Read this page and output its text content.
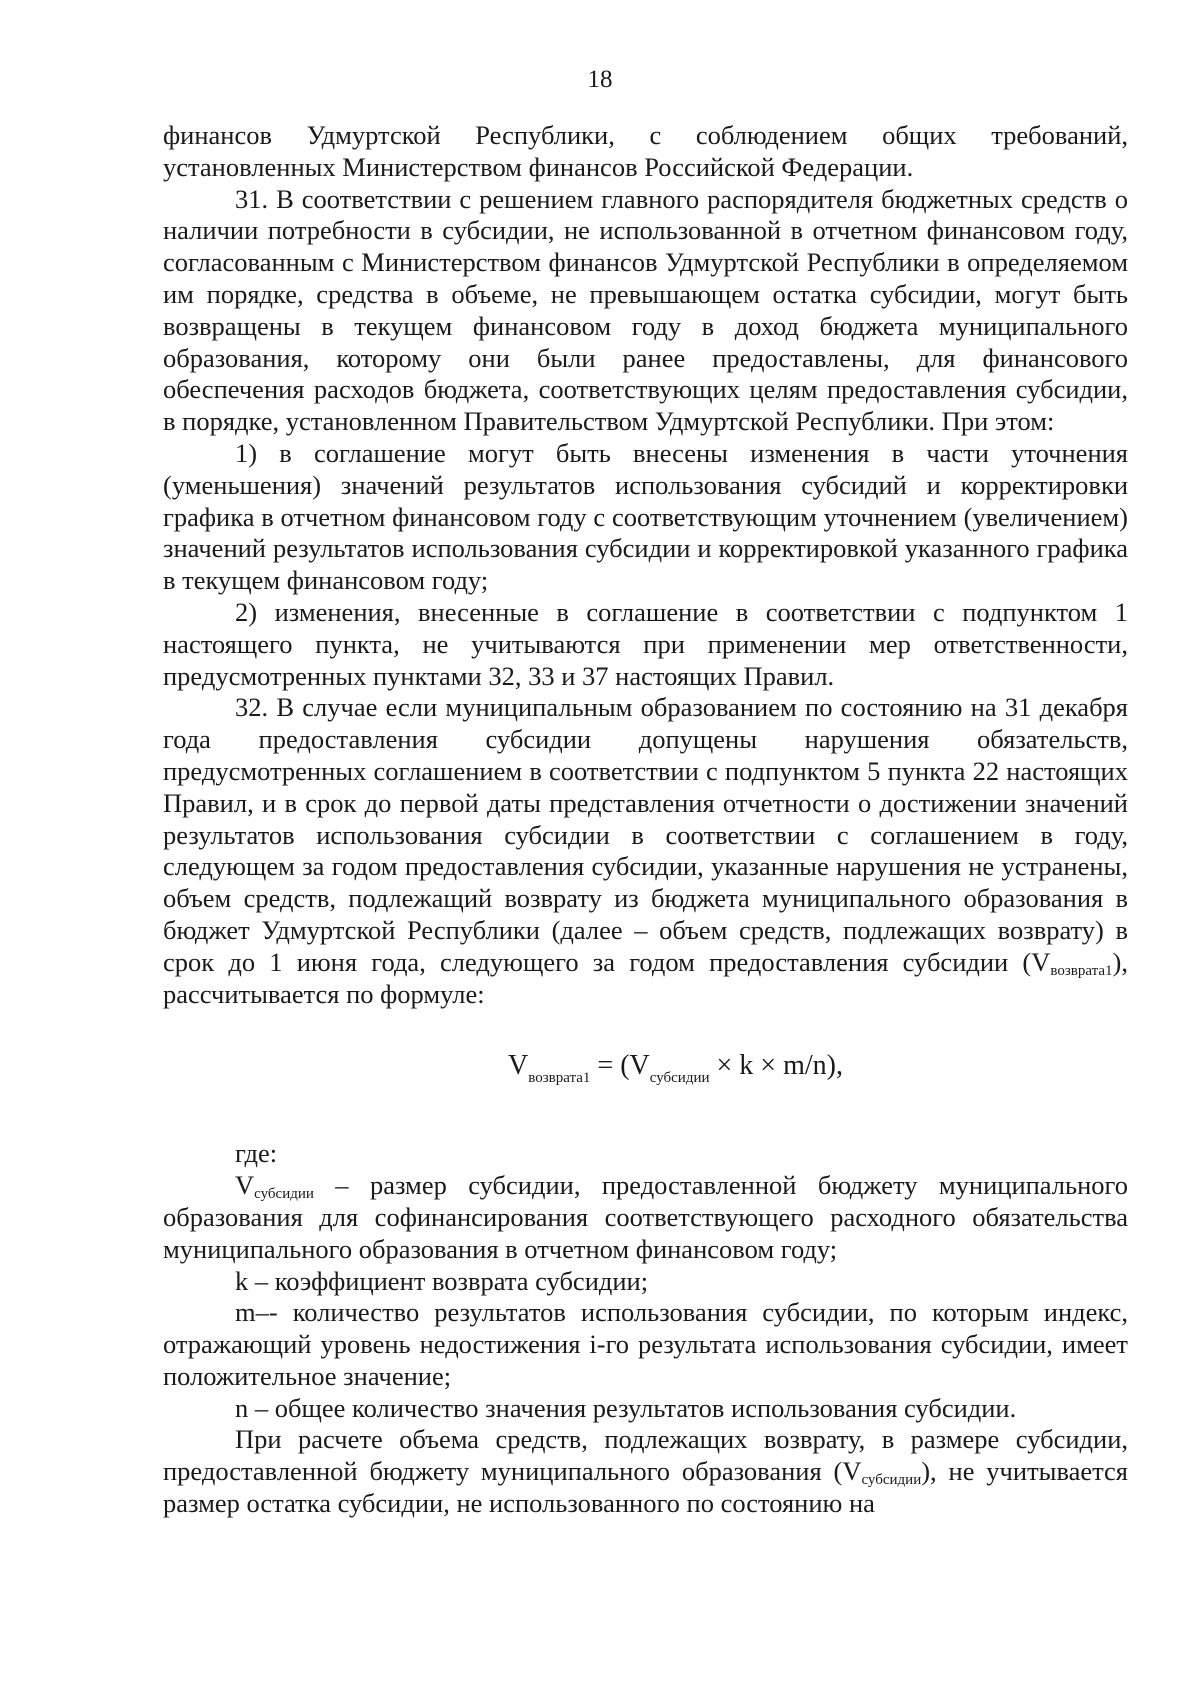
18

финансов Удмуртской Республики, с соблюдением общих требований, установленных Министерством финансов Российской Федерации.

31. В соответствии с решением главного распорядителя бюджетных средств о наличии потребности в субсидии, не использованной в отчетном финансовом году, согласованным с Министерством финансов Удмуртской Республики в определяемом им порядке, средства в объеме, не превышающем остатка субсидии, могут быть возвращены в текущем финансовом году в доход бюджета муниципального образования, которому они были ранее предоставлены, для финансового обеспечения расходов бюджета, соответствующих целям предоставления субсидии, в порядке, установленном Правительством Удмуртской Республики. При этом:

1) в соглашение могут быть внесены изменения в части уточнения (уменьшения) значений результатов использования субсидий и корректировки графика в отчетном финансовом году с соответствующим уточнением (увеличением) значений результатов использования субсидии и корректировкой указанного графика в текущем финансовом году;

2) изменения, внесенные в соглашение в соответствии с подпунктом 1 настоящего пункта, не учитываются при применении мер ответственности, предусмотренных пунктами 32, 33 и 37 настоящих Правил.

32. В случае если муниципальным образованием по состоянию на 31 декабря года предоставления субсидии допущены нарушения обязательств, предусмотренных соглашением в соответствии с подпунктом 5 пункта 22 настоящих Правил, и в срок до первой даты представления отчетности о достижении значений результатов использования субсидии в соответствии с соглашением в году, следующем за годом предоставления субсидии, указанные нарушения не устранены, объем средств, подлежащий возврату из бюджета муниципального образования в бюджет Удмуртской Республики (далее – объем средств, подлежащих возврату) в срок до 1 июня года, следующего за годом предоставления субсидии $(V_{возврата1})$, рассчитывается по формуле:

$V_{возврата1} = (V_{субсидии} \times k \times m/n)$,

где:

$V_{субсидии}$ – размер субсидии, предоставленной бюджету муниципального образования для софинансирования соответствующего расходного обязательства муниципального образования в отчетном финансовом году;

k – коэффициент возврата субсидии;

m–- количество результатов использования субсидии, по которым индекс, отражающий уровень недостижения i-го результата использования субсидии, имеет положительное значение;

n – общее количество значения результатов использования субсидии.

При расчете объема средств, подлежащих возврату, в размере субсидии, предоставленной бюджету муниципального образования $(V_{субсидии})$, не учитывается размер остатка субсидии, не использованного по состоянию на
